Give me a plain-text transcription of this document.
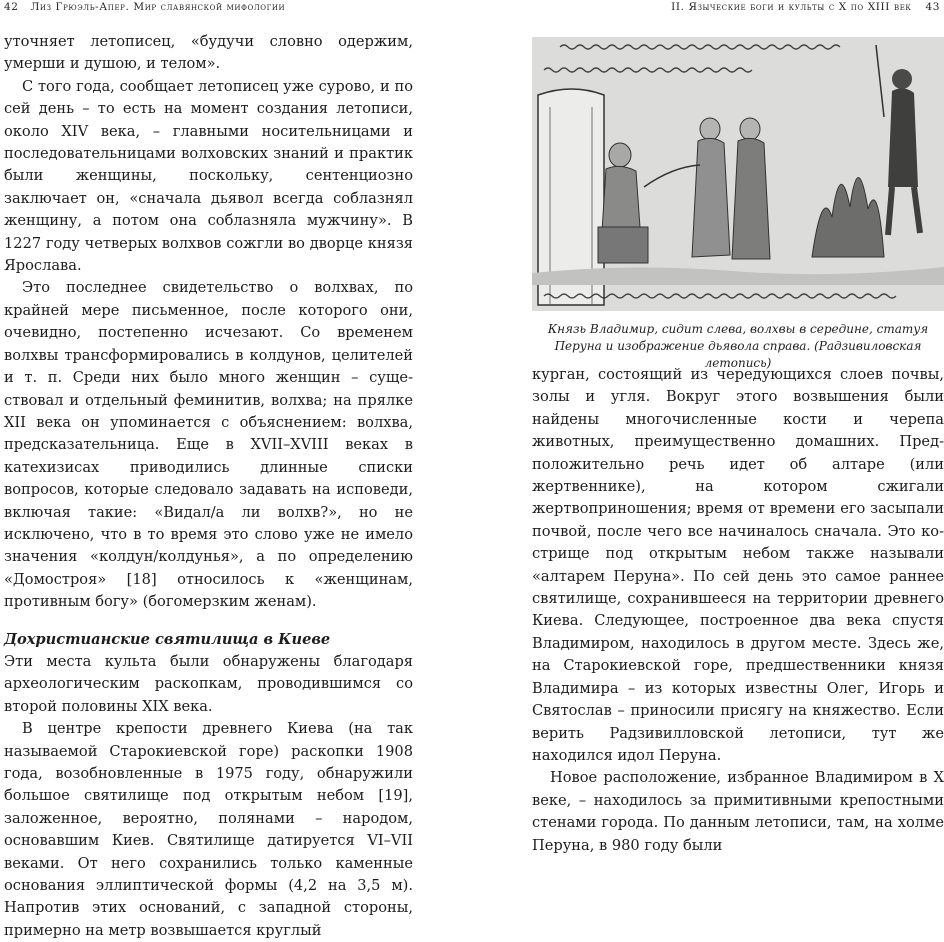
42 Лиз Грюэль-Апер. Мир славянской мифологии

уточняет летописец, «будучи словно одержим, умерши и душою, и телом».

С того года, сообщает летописец уже сурово, и по сей день – то есть на момент создания летописи, около XIV века, – главными носительницами и последовательницами волховских знаний и практик были женщины, поскольку, сентенциозно заключает он, «сначала дьявол всегда соблазнял женщину, а потом она соблазняла мужчину». В 1227 году четверых волхвов сожгли во дворце князя Ярослава.

Это последнее свидетельство о волхвах, по крайней мере письменное, после которого они, очевидно, постепенно исчезают. Со временем волхвы трансформировались в колдунов, целителей и т. п. Среди них было много женщин – существовал и отдельный феминитив, волхва; на прялке XII века он упоминается с объяснением: волхва, предсказательница. Еще в XVII–XVIII веках в катехизисах приводились длинные списки вопросов, которые следовало задавать на исповеди, включая такие: «Видал/а ли волхв?», но не исключено, что в то время это слово уже не имело значения «колдун/колдунья», а по определению «Домостроя» [18] относилось к «женщинам, противным богу» (богомерзким женам).

Дохристианские святилища в Киеве

Эти места культа были обнаружены благодаря археологическим раскопкам, проводившимся со второй половины XIX века.

В центре крепости древнего Киева (на так называемой Старокиевской горе) раскопки 1908 года, возобновленные в 1975 году, обнаружили большое святилище под открытым небом [19], заложенное, вероятно, полянами – народом, основавшим Киев. Святилище датируется VI–VII веками. От него сохранились только каменные основания эллиптической формы (4,2 на 3,5 м). Напротив этих оснований, с западной стороны, примерно на метр возвышается круглый

II. Языческие боги и культы с X по XIII век 43
Князь Владимир, сидит слева, волхвы в середине, статуя Перуна и изображение дьявола справа. (Радзивиловская летопись)

курган, состоящий из чередующихся слоев почвы, золы и угля. Вокруг этого возвышения были найдены многочисленные кости и черепа животных, преимущественно домашних. Предположительно речь идет об алтаре (или жертвеннике), на котором сжигали жертвоприношения; время от времени его засыпали почвой, после чего все начиналось сначала. Это кострище под открытым небом также называли «алтарем Перуна». По сей день это самое раннее святилище, сохранившееся на территории древнего Киева. Следующее, построенное два века спустя Владимиром, находилось в другом месте. Здесь же, на Старокиевской горе, предшественники князя Владимира – из которых известны Олег, Игорь и Святослав – приносили присягу на княжество. Если верить Радзивилловской летописи, тут же находился идол Перуна.

Новое расположение, избранное Владимиром в X веке, – находилось за примитивными крепостными стенами города. По данным летописи, там, на холме Перуна, в 980 году были
